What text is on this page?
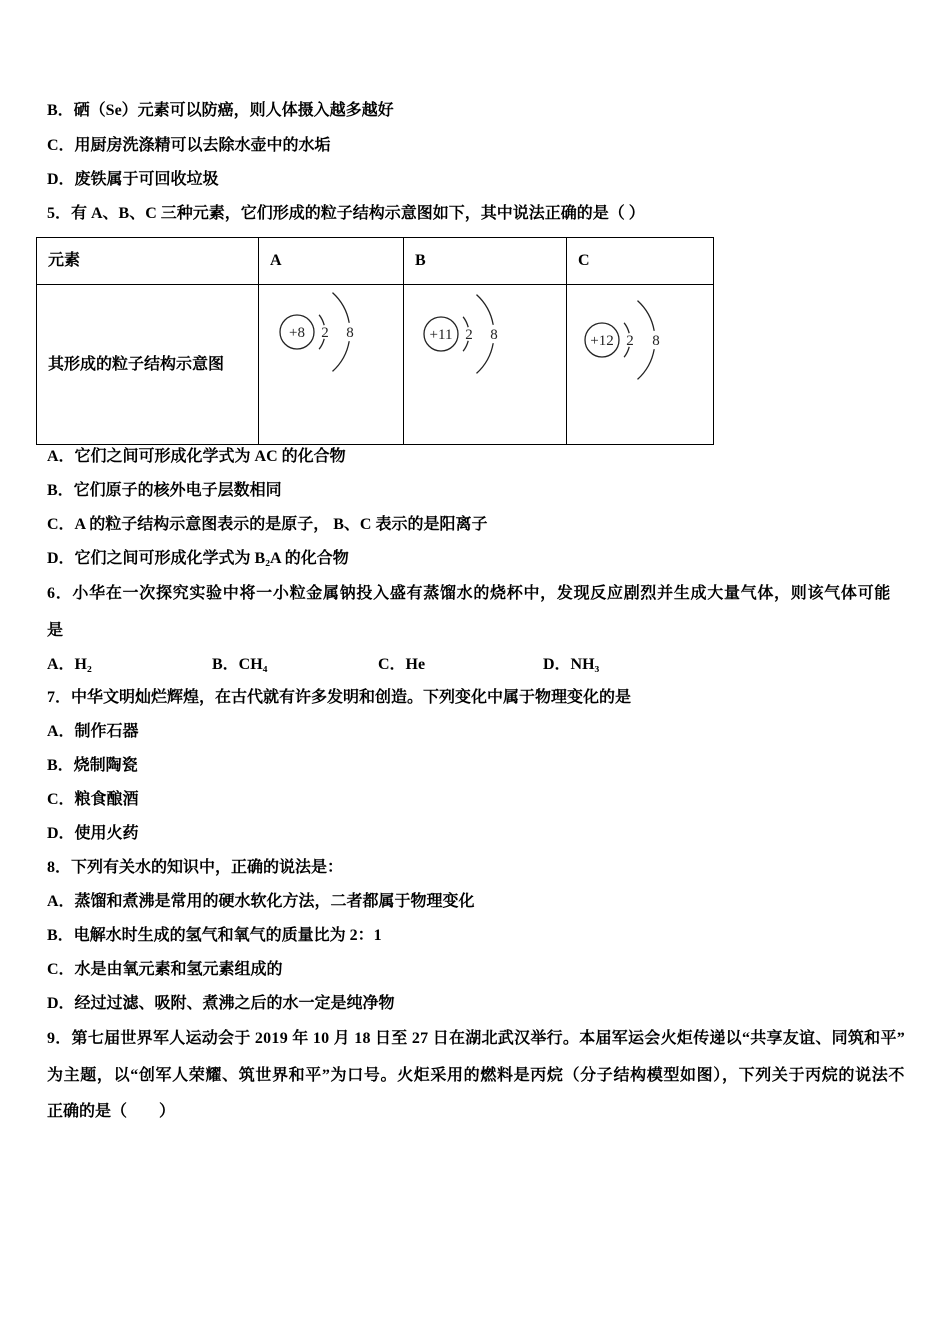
B．硒（Se）元素可以防癌，则人体摄入越多越好
C．用厨房洗涤精可以去除水壶中的水垢
D．废铁属于可回收垃圾
5．有 A、B、C 三种元素，它们形成的粒子结构示意图如下，其中说法正确的是（ ）
元素	A	B	C
其形成的粒子结构示意图	+8 2 8	+11 2 8	+12 2 8
A．它们之间可形成化学式为 AC 的化合物
B．它们原子的核外电子层数相同
C．A 的粒子结构示意图表示的是原子， B、C 表示的是阳离子
D．它们之间可形成化学式为 B₂A 的化合物
6．小华在一次探究实验中将一小粒金属钠投入盛有蒸馏水的烧杯中，发现反应剧烈并生成大量气体，则该气体可能
是
A．H₂	B．CH₄	C．He	D．NH₃
7．中华文明灿烂辉煌，在古代就有许多发明和创造。下列变化中属于物理变化的是
A．制作石器
B．烧制陶瓷
C．粮食酿酒
D．使用火药
8．下列有关水的知识中，正确的说法是：
A．蒸馏和煮沸是常用的硬水软化方法，二者都属于物理变化
B．电解水时生成的氢气和氧气的质量比为 2：1
C．水是由氧元素和氢元素组成的
D．经过过滤、吸附、煮沸之后的水一定是纯净物
9．第七届世界军人运动会于 2019 年 10 月 18 日至 27 日在湖北武汉举行。本届军运会火炬传递以“共享友谊、同筑和平”
为主题，以“创军人荣耀、筑世界和平”为口号。火炬采用的燃料是丙烷（分子结构模型如图），下列关于丙烷的说法不
正确的是（　　）
